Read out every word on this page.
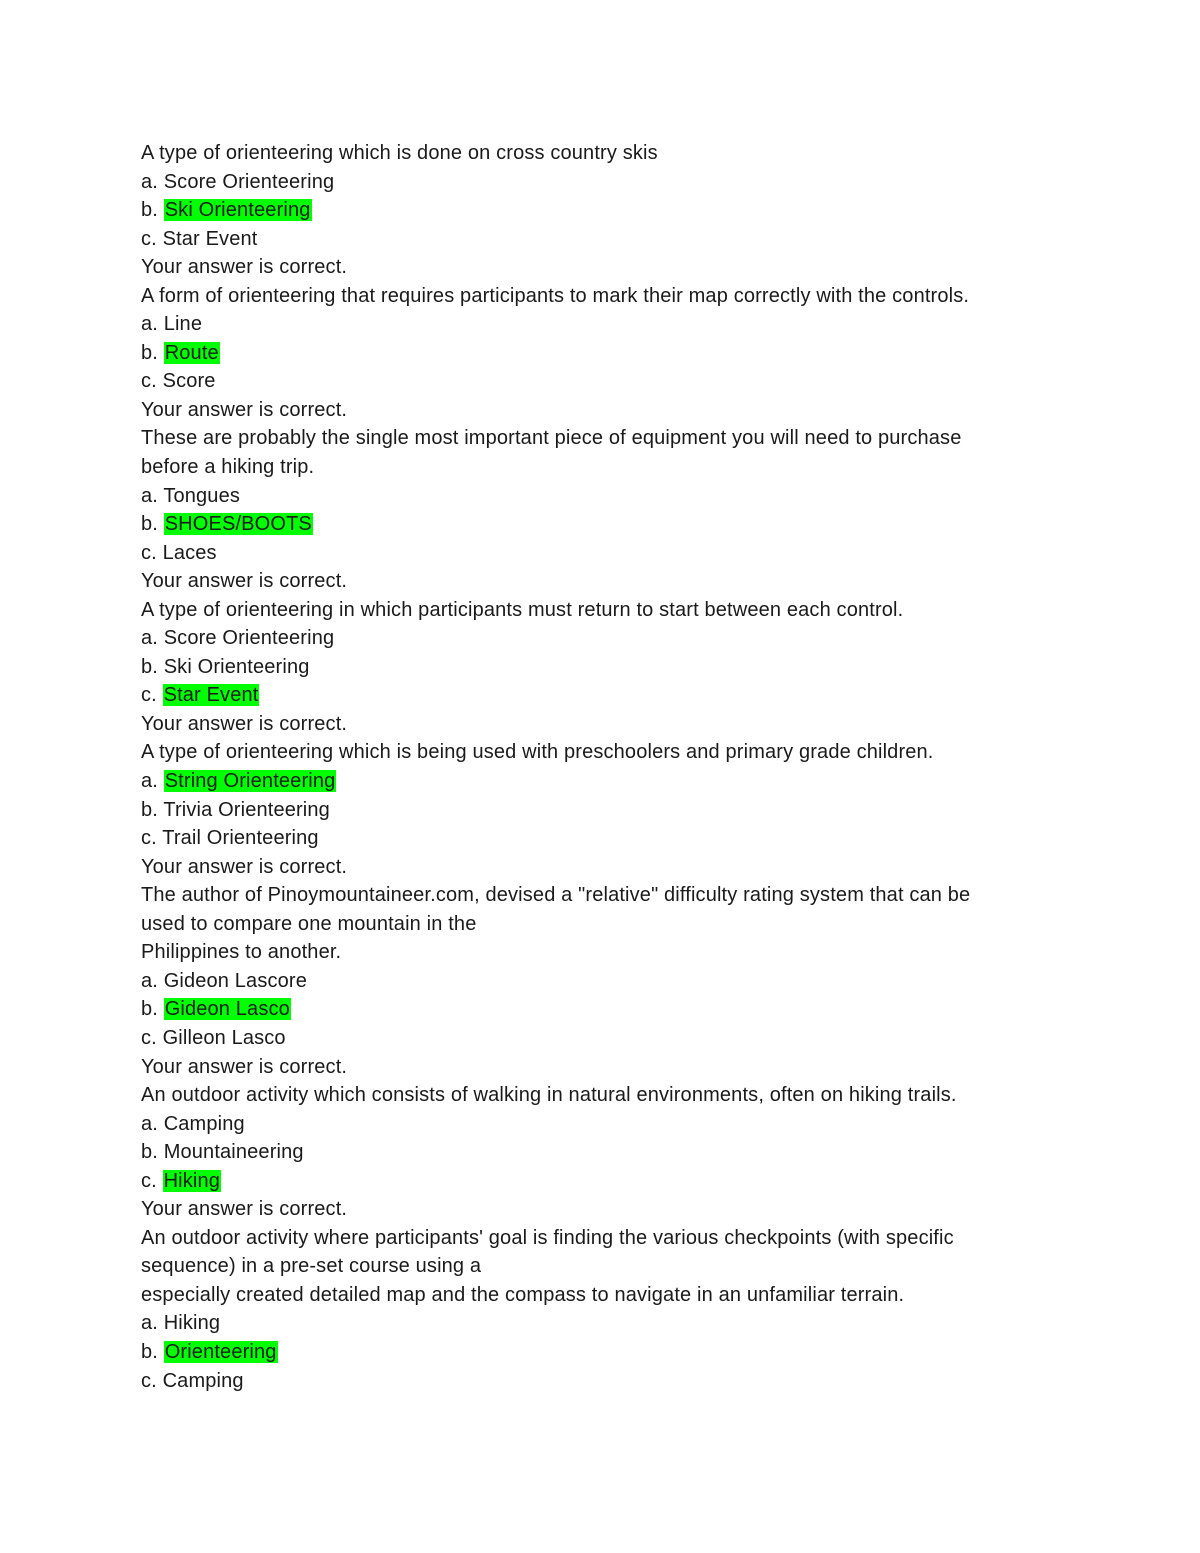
A type of orienteering which is done on cross country skis
a. Score Orienteering
b. Ski Orienteering
c. Star Event
Your answer is correct.
A form of orienteering that requires participants to mark their map correctly with the controls.
a. Line
b. Route
c. Score
Your answer is correct.
These are probably the single most important piece of equipment you will need to purchase
before a hiking trip.
a. Tongues
b. SHOES/BOOTS
c. Laces
Your answer is correct.
A type of orienteering in which participants must return to start between each control.
a. Score Orienteering
b. Ski Orienteering
c. Star Event
Your answer is correct.
A type of orienteering which is being used with preschoolers and primary grade children.
a. String Orienteering
b. Trivia Orienteering
c. Trail Orienteering
Your answer is correct.
The author of Pinoymountaineer.com, devised a "relative" difficulty rating system that can be
used to compare one mountain in the
Philippines to another.
a. Gideon Lascore
b. Gideon Lasco
c. Gilleon Lasco
Your answer is correct.
An outdoor activity which consists of walking in natural environments, often on hiking trails.
a. Camping
b. Mountaineering
c. Hiking
Your answer is correct.
An outdoor activity where participants' goal is finding the various checkpoints (with specific
sequence) in a pre-set course using a
especially created detailed map and the compass to navigate in an unfamiliar terrain.
a. Hiking
b. Orienteering
c. Camping
